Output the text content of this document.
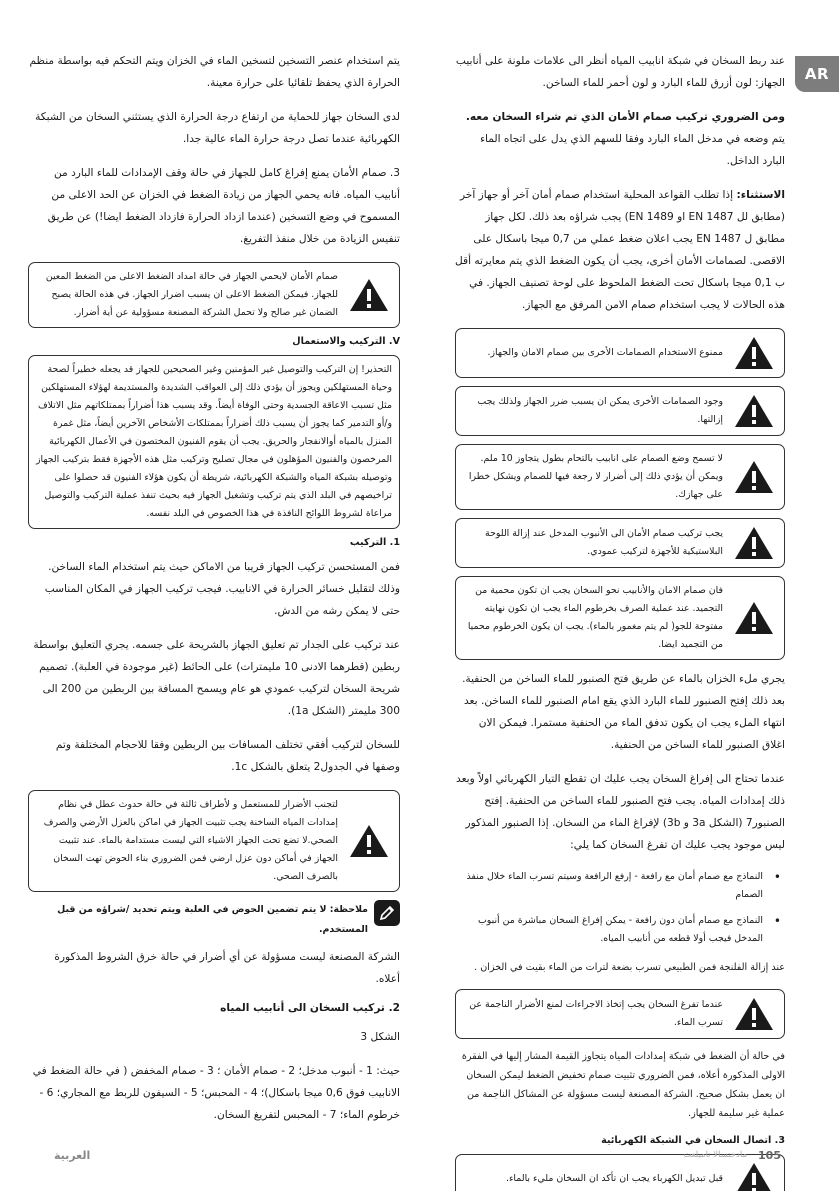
AR

عند ربط السخان في شبكة انابيب المياه أنظر الى علامات ملونة على أنابيب الجهاز: لون أزرق للماء البارد و لون أحمر للماء الساخن.

ومن الضروري تركيب صمام الأمان الذي تم شراء السخان معه. يتم وضعه في مدخل الماء البارد وفقا للسهم الذي يدل على اتجاه الماء البارد الداخل.

الاستثناء: إذا تطلب القواعد المحلية استخدام صمام أمان آخر أو جهاز آخر (مطابق لل EN 1487 او EN 1489) يجب شراؤه بعد ذلك. لكل جهاز مطابق ل EN 1487 يجب اعلان ضغط عملي من 0,7 ميجا باسكال على الاقصى. لصمامات الأمان أخرى، يجب أن يكون الضغط الذي يتم معايرته أقل ب 0,1 ميجا باسكال تحت الضغط الملحوظ على لوحة تصنيف الجهاز. في هذه الحالات لا يجب استخدام صمام الامن المرفق مع الجهاز.

ممنوع الاستخدام الصمامات الأخرى بين صمام الامان والجهاز.
وجود الصمامات الأخرى يمكن ان يسبب ضرر الجهاز ولذلك يجب إزالتها.
لا تسمح وضع الصمام على انابيب بالتحام بطول يتجاوز 10 ملم. ويمكن أن يؤدي ذلك إلى أضرار لا رجعة فيها للصمام ويشكل خطرا على جهازك.
يجب تركيب صمام الأمان الى الأنبوب المدخل عند إزالة اللوحة البلاستيكية للأجهزة لتركيب عمودي.
فان صمام الامان والأنابيب نحو السخان يجب ان تكون محمية من التجميد. عند عملية الصرف بخرطوم الماء يجب ان تكون نهايته مفتوحة للجو( لم يتم مغمور بالماء). يجب ان يكون الخرطوم محميا من التجميد ايضا.

يجري ملء الخزان بالماء عن طريق فتح الصنبور للماء الساخن من الحنفية. بعد ذلك إفتح الصنبور للماء البارد الذي يقع امام الصنبور للماء الساخن. بعد انتهاء الملء يجب ان يكون تدفق الماء من الحنفية مستمرا. فيمكن الان اغلاق الصنبور للماء الساخن من الحنفية.

عندما تحتاج الى إفراغ السخان يجب عليك ان تقطع التيار الكهربائي اولاً وبعد ذلك إمدادات المياه. يجب فتح الصنبور للماء الساخن من الحنفية. إفتح الصنبور7 (الشكل 3a و 3b) لإفراغ الماء من السخان. إذا الصنبور المذكور ليس موجود يجب عليك ان تفرغ السخان كما يلي:

• النماذج مع صمام أمان مع رافعة - إرفع الرافعة وسيتم تسرب الماء خلال منفذ الصمام
• النماذج مع صمام أمان دون رافعة - يمكن إفراغ السخان مباشرة من أنبوب المدخل فيجب أولا قطعه من أنابيب المياه.

عند إزالة الفلنجة فمن الطبيعي تسرب بضعة لترات من الماء بقيت في الخزان .

عندما تفرغ السخان يجب إتخاذ الاجراءات لمنع الأضرار الناجمة عن تسرب الماء.

في حالة أن الضغط في شبكة إمدادات المياه يتجاوز القيمة المشار إليها في الفقرة الاولى المذكورة أعلاه، فمن الضروري تثبيت صمام تخفيض الضغط ليمكن السخان ان يعمل بشكل صحيح. الشركة المصنعة ليست مسؤولة عن المشاكل الناجمة من عملية غير سليمة للجهاز.

3. اتصال السخان في الشبكة الكهربائية
قبل تبديل الكهرباء يجب ان تأكد ان السخان مليء بالماء.

يتم استخدام عنصر التسخين لتسخين الماء في الخزان ويتم التحكم فيه بواسطة منظم الحرارة الذي يحفظ تلقائيا على حرارة معينة.

لدى السخان جهاز للحماية من ارتفاع درجة الحرارة الذي يستثني السخان من الشبكة الكهربائية عندما تصل درجة حرارة الماء عالية جدا.

3. صمام الأمان يمنع إفراغ كامل للجهاز في حالة وقف الإمدادات للماء البارد من أنابيب المياه. فانه يحمي الجهاز من زيادة الضغط في الخزان عن الحد الاعلى من المسموح في وضع التسخين (عندما ازداد الحرارة فازداد الضغط ايضا!) عن طريق تنفيس الزيادة من خلال منفذ التفريغ.

صمام الأمان لايحمي الجهاز في حالة امداد الضغط الاعلى من الضغط المعين للجهاز. فيمكن الضغط الاعلى ان يسبب اضرار الجهاز. في هذه الحالة يصبح الضمان غير صالح ولا تحمل الشركة المصنعة مسؤولية عن أية أضرار.
V. التركيب والاستعمال
التحذير! إن التركيب والتوصيل غير المؤمنين وغير الصحيحين للجهاز قد يجعله خطيراً لصحة وحياة المستهلكين ويجوز أن يؤدي ذلك إلى العواقب الشديدة والمستديمة لهؤلاء المستهلكين مثل تسبب الاعاقة الجسدية وحتى الوفاة أيضاً. وقد يسبب هذا أضراراً بممتلكاتهم مثل الاتلاف و/أو التدمير كما يجوز أن يسبب ذلك أضراراً بممتلكات الأشخاص الآخرين أيضاً، مثل غمرة المنزل بالمياه أوالانفجار والحريق. يجب أن يقوم الفنيون المختصون في الأعمال الكهربائية المرخصون والفنيون المؤهلون في مجال تصليح وتركيب مثل هذه الأجهزة فقط بتركيب الجهاز وتوصيله بشبكة المياه والشبكة الكهربائية، شريطة أن يكون هؤلاء الفنيون قد حصلوا على تراخيصهم في البلد الذي يتم تركيب وتشغيل الجهاز فيه بحيث تنفذ عملية التركيب والتوصيل مراعاة لشروط اللوائح النافذة في هذا الخصوص في البلد نفسه.
1. التركيب

فمن المستحسن تركيب الجهاز قريبا من الاماكن حيث يتم استخدام الماء الساخن. وذلك لتقليل خسائر الحرارة في الانابيب. فيجب تركيب الجهاز في المكان المناسب حتى لا يمكن رشه من الدش.

عند تركيب على الجدار تم تعليق الجهاز بالشريحة على جسمه. يجري التعليق بواسطة ربطين (قطرهما الادنى 10 مليمترات) على الحائط (غير موجودة في العلبة). تصميم شريحة السخان لتركيب عمودي هو عام ويسمح المسافة بين الربطين من 200 الى 300 مليمتر (الشكل 1a).

للسخان لتركيب أفقي تختلف المسافات بين الربطين وفقا للاحجام المختلفة وتم وصفها في الجدول2 يتعلق بالشكل 1c.

لتجنب الأضرار للمستعمل و لأطراف ثالثة في حالة حدوث عطل في نظام إمدادات المياه الساخنة يجب تثبيت الجهاز في اماكن بالعزل الأرضي والصرف الصحي.لا تضع تحت الجهاز الاشياء التي ليست مستدامة بالماء. عند تثبيت الجهاز في أماكن دون عزل ارضي فمن الضروري بناء الحوض تهت السخان بالصرف الصحي.
ملاحظة: لا يتم تضمين الحوض في العلبة ويتم تحديد /شراؤه من قبل المستخدم.

الشركة المصنعة ليست مسؤولة عن أي أضرار في حالة خرق الشروط المذكورة أعلاه.

2. تركيب السخان الى أنابيب المياه

الشكل 3

حيث: 1 - أنبوب مدخل؛ 2 - صمام الأمان ؛ 3 - صمام المخفض ( في حالة الضغط في الانابيب فوق 0,6 ميجا باسكال)؛ 4 - المحبس؛ 5 - السيفون للربط مع المجاري؛ 6 - خرطوم الماء؛ 7 - المحبس لتفريغ السخان.

105
مادختسالا تاميلعت
العربية
